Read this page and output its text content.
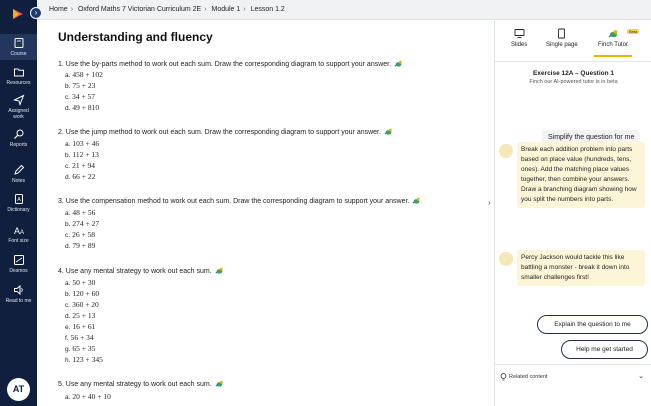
Course
Resources
Assigned work
Reports
Notes
A
Dictionary
A A
Font size
Desmos
Read to me
AT
›	Home › Oxford Maths 7 Victorian Curriculum 2E › Module 1 › Lesson 1.2
Understanding and fluency
1. Use the by-parts method to work out each sum. Draw the corresponding diagram to support your answer.
a. 458 + 102
b. 75 + 23
c. 34 + 57
d. 49 + 810
2. Use the jump method to work out each sum. Draw the corresponding diagram to support your answer.
a. 103 + 46
b. 112 + 13
c. 21 + 94
d. 66 + 22
3. Use the compensation method to work out each sum. Draw the corresponding diagram to support your answer.
a. 48 + 56
b. 274 + 27
c. 26 + 58
d. 79 + 89
4. Use any mental strategy to work out each sum.
a. 50 + 30
b. 120 + 60
c. 360 + 20
d. 25 + 13
e. 16 + 61
f. 56 + 34
g. 65 + 35
h. 123 + 345
5. Use any mental strategy to work out each sum.
a. 20 + 40 + 10
›
Slides	Single page	Finch Tutor
Beta
Exercise 12A – Question 1
Finch our AI-powered tutor is in beta
Simplify the question for me
Break each addition problem into parts based on place value (hundreds, tens, ones). Add the matching place values together, then combine your answers. Draw a branching diagram showing how you split the numbers into parts.
Percy Jackson would tackle this like battling a monster - break it down into smaller challenges first!
Explain the question to me
Help me get started
Related content	⌄
